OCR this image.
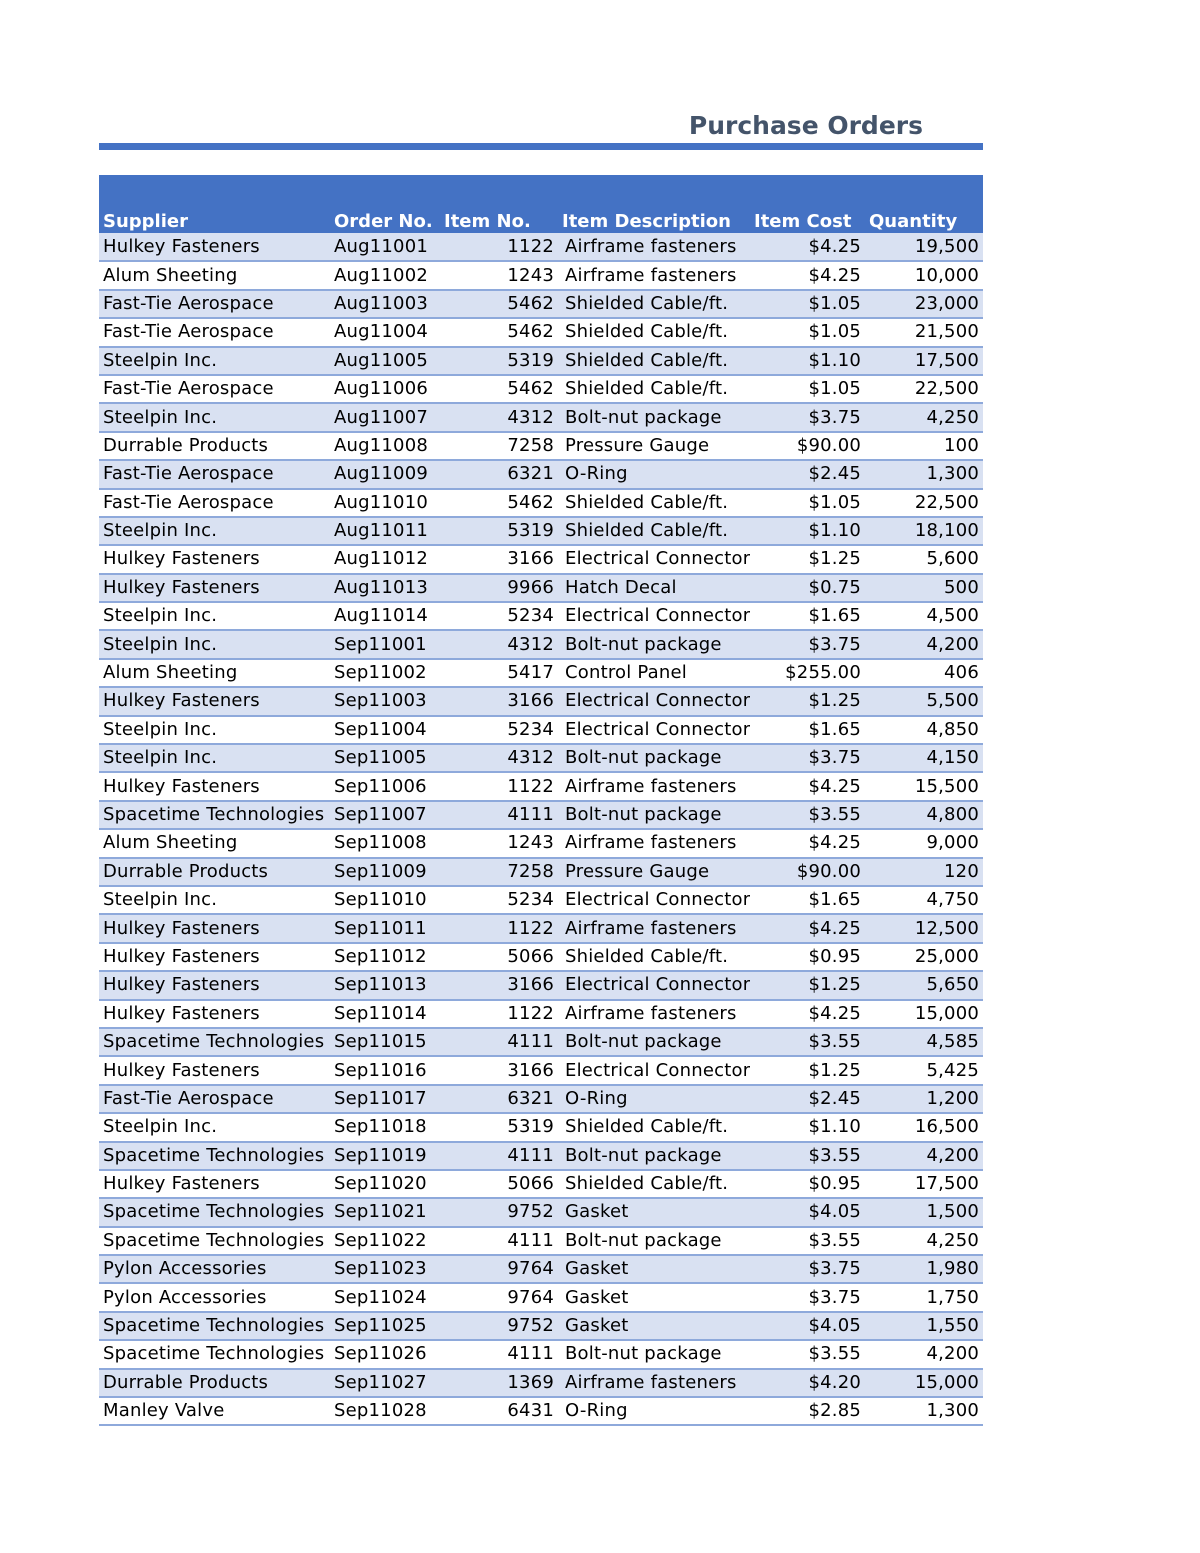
Purchase Orders
Supplier	Order No.	Item No.	Item Description	Item Cost	Quantity
Hulkey Fasteners	Aug11001	1122	Airframe fasteners	$4.25	19,500
Alum Sheeting	Aug11002	1243	Airframe fasteners	$4.25	10,000
Fast-Tie Aerospace	Aug11003	5462	Shielded Cable/ft.	$1.05	23,000
Fast-Tie Aerospace	Aug11004	5462	Shielded Cable/ft.	$1.05	21,500
Steelpin Inc.	Aug11005	5319	Shielded Cable/ft.	$1.10	17,500
Fast-Tie Aerospace	Aug11006	5462	Shielded Cable/ft.	$1.05	22,500
Steelpin Inc.	Aug11007	4312	Bolt-nut package	$3.75	4,250
Durrable Products	Aug11008	7258	Pressure Gauge	$90.00	100
Fast-Tie Aerospace	Aug11009	6321	O-Ring	$2.45	1,300
Fast-Tie Aerospace	Aug11010	5462	Shielded Cable/ft.	$1.05	22,500
Steelpin Inc.	Aug11011	5319	Shielded Cable/ft.	$1.10	18,100
Hulkey Fasteners	Aug11012	3166	Electrical Connector	$1.25	5,600
Hulkey Fasteners	Aug11013	9966	Hatch Decal	$0.75	500
Steelpin Inc.	Aug11014	5234	Electrical Connector	$1.65	4,500
Steelpin Inc.	Sep11001	4312	Bolt-nut package	$3.75	4,200
Alum Sheeting	Sep11002	5417	Control Panel	$255.00	406
Hulkey Fasteners	Sep11003	3166	Electrical Connector	$1.25	5,500
Steelpin Inc.	Sep11004	5234	Electrical Connector	$1.65	4,850
Steelpin Inc.	Sep11005	4312	Bolt-nut package	$3.75	4,150
Hulkey Fasteners	Sep11006	1122	Airframe fasteners	$4.25	15,500
Spacetime Technologies	Sep11007	4111	Bolt-nut package	$3.55	4,800
Alum Sheeting	Sep11008	1243	Airframe fasteners	$4.25	9,000
Durrable Products	Sep11009	7258	Pressure Gauge	$90.00	120
Steelpin Inc.	Sep11010	5234	Electrical Connector	$1.65	4,750
Hulkey Fasteners	Sep11011	1122	Airframe fasteners	$4.25	12,500
Hulkey Fasteners	Sep11012	5066	Shielded Cable/ft.	$0.95	25,000
Hulkey Fasteners	Sep11013	3166	Electrical Connector	$1.25	5,650
Hulkey Fasteners	Sep11014	1122	Airframe fasteners	$4.25	15,000
Spacetime Technologies	Sep11015	4111	Bolt-nut package	$3.55	4,585
Hulkey Fasteners	Sep11016	3166	Electrical Connector	$1.25	5,425
Fast-Tie Aerospace	Sep11017	6321	O-Ring	$2.45	1,200
Steelpin Inc.	Sep11018	5319	Shielded Cable/ft.	$1.10	16,500
Spacetime Technologies	Sep11019	4111	Bolt-nut package	$3.55	4,200
Hulkey Fasteners	Sep11020	5066	Shielded Cable/ft.	$0.95	17,500
Spacetime Technologies	Sep11021	9752	Gasket	$4.05	1,500
Spacetime Technologies	Sep11022	4111	Bolt-nut package	$3.55	4,250
Pylon Accessories	Sep11023	9764	Gasket	$3.75	1,980
Pylon Accessories	Sep11024	9764	Gasket	$3.75	1,750
Spacetime Technologies	Sep11025	9752	Gasket	$4.05	1,550
Spacetime Technologies	Sep11026	4111	Bolt-nut package	$3.55	4,200
Durrable Products	Sep11027	1369	Airframe fasteners	$4.20	15,000
Manley Valve	Sep11028	6431	O-Ring	$2.85	1,300
